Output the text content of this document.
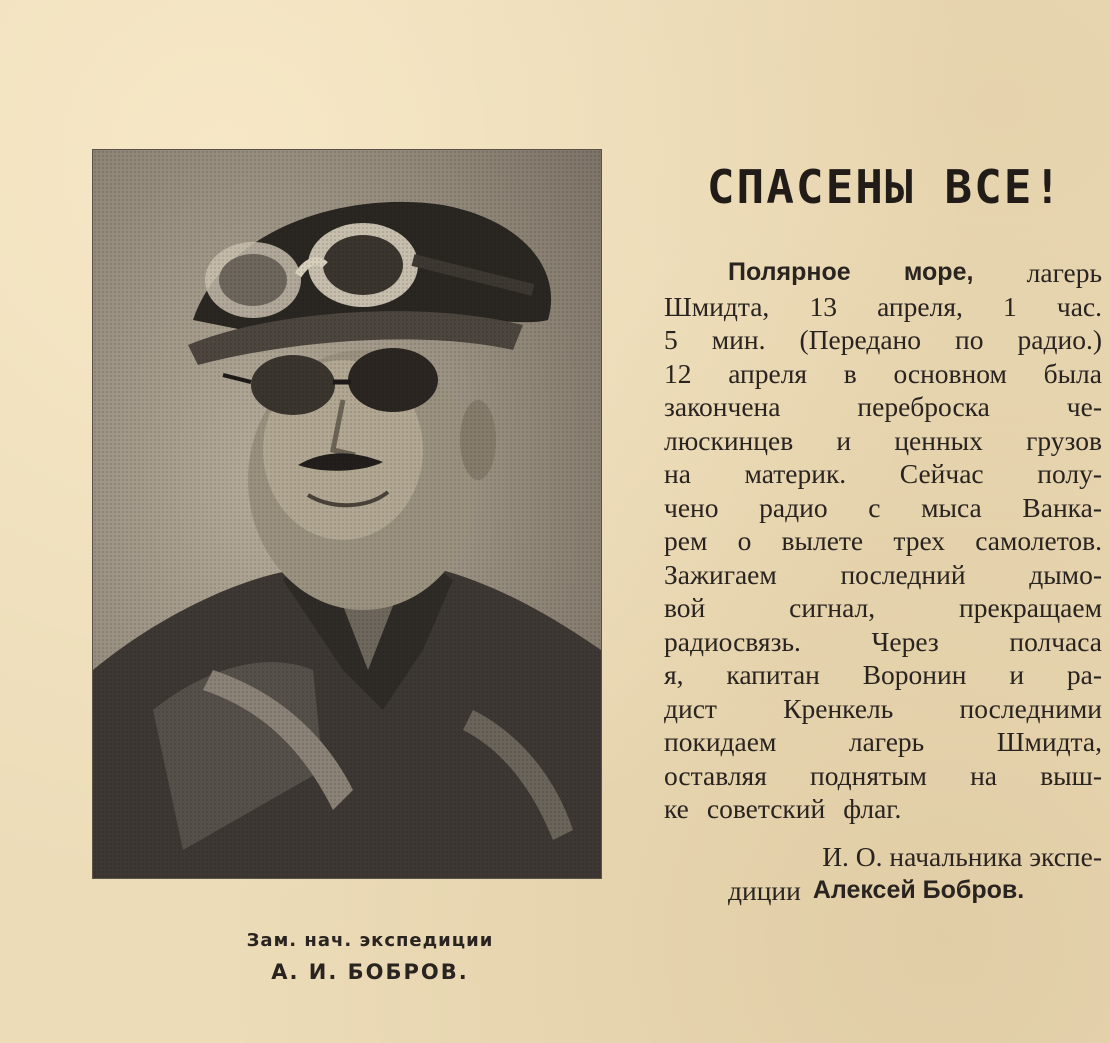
Зам. нач. экспедиции
А. И. БОБРОВ.
СПАСЕНЫ ВСЕ!
Полярное море, лагерь
Шмидта, 13 апреля, 1 час.
5 мин. (Передано по радио.)
12 апреля в основном была
закончена	переброска	че-
люскинцев и ценных грузов
на материк. Сейчас полу-
чено радио с мыса Ванка-
рем о вылете трех самолетов.
Зажигаем последний дымо-
вой	сигнал,	прекращаем
радиосвязь.	Через	полчаса
я, капитан Воронин и ра-
дист Кренкель последними
покидаем	лагерь	Шмидта,
оставляя поднятым на выш-
ке советский флаг.
И. О. начальника экспе-
диции Алексей Бобров.
